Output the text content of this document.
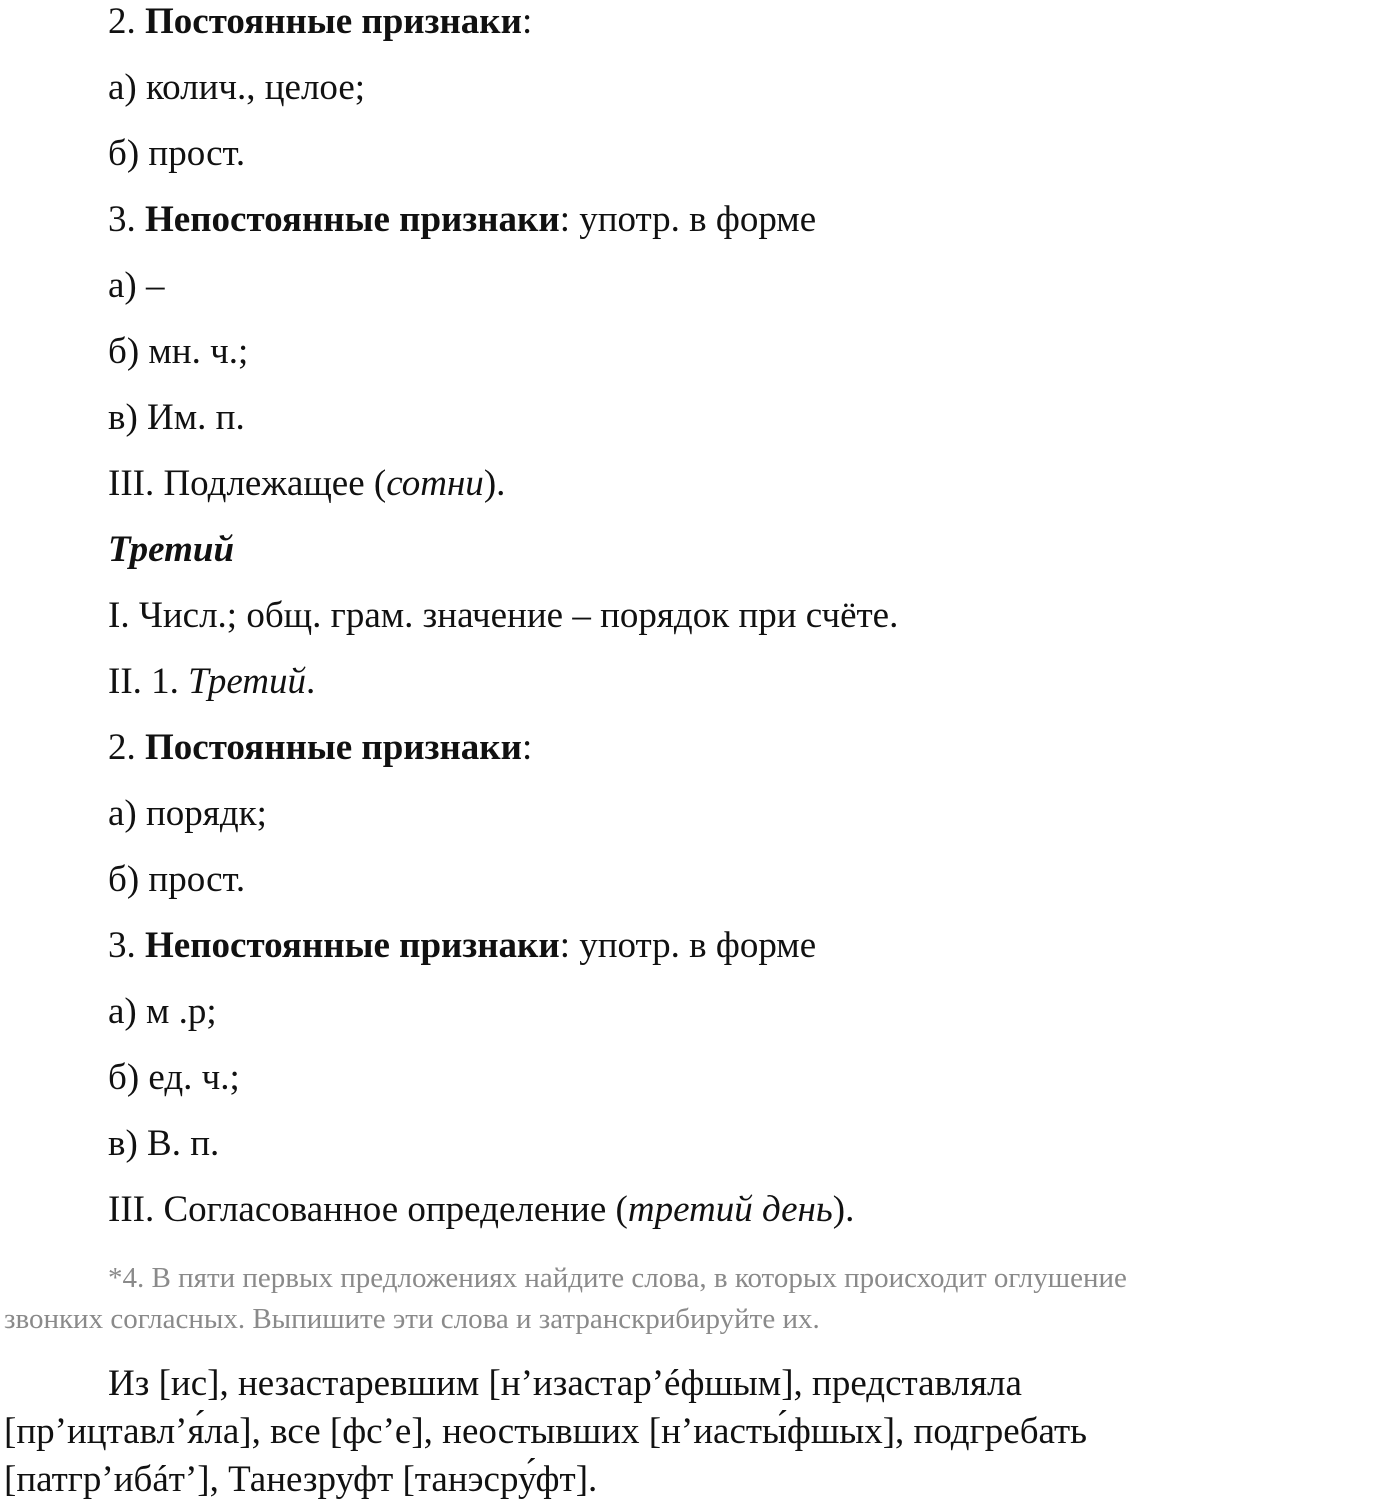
2. Постоянные признаки:
а) колич., целое;
б) прост.
3. Непостоянные признаки: употр. в форме
а) –
б) мн. ч.;
в) Им. п.
III. Подлежащее (сотни).
Третий
I. Числ.; общ. грам. значение – порядок при счёте.
II. 1. Третий.
2. Постоянные признаки:
а) порядк;
б) прост.
3. Непостоянные признаки: употр. в форме
а) м .р;
б) ед. ч.;
в) В. п.
III. Согласованное определение (третий день).
*4. В пяти первых предложениях найдите слова, в которых происходит оглушение
звонких согласных. Выпишите эти слова и затранскрибируйте их.
Из [ис], незастаревшим [н’изастар’éфшым], представляла
[пр’ицтавл’я́ла], все [фс’е], неостывших [н’иасты́фшых], подгребать
[патгр’ибáт’], Танезруфт [танэсру́фт].
